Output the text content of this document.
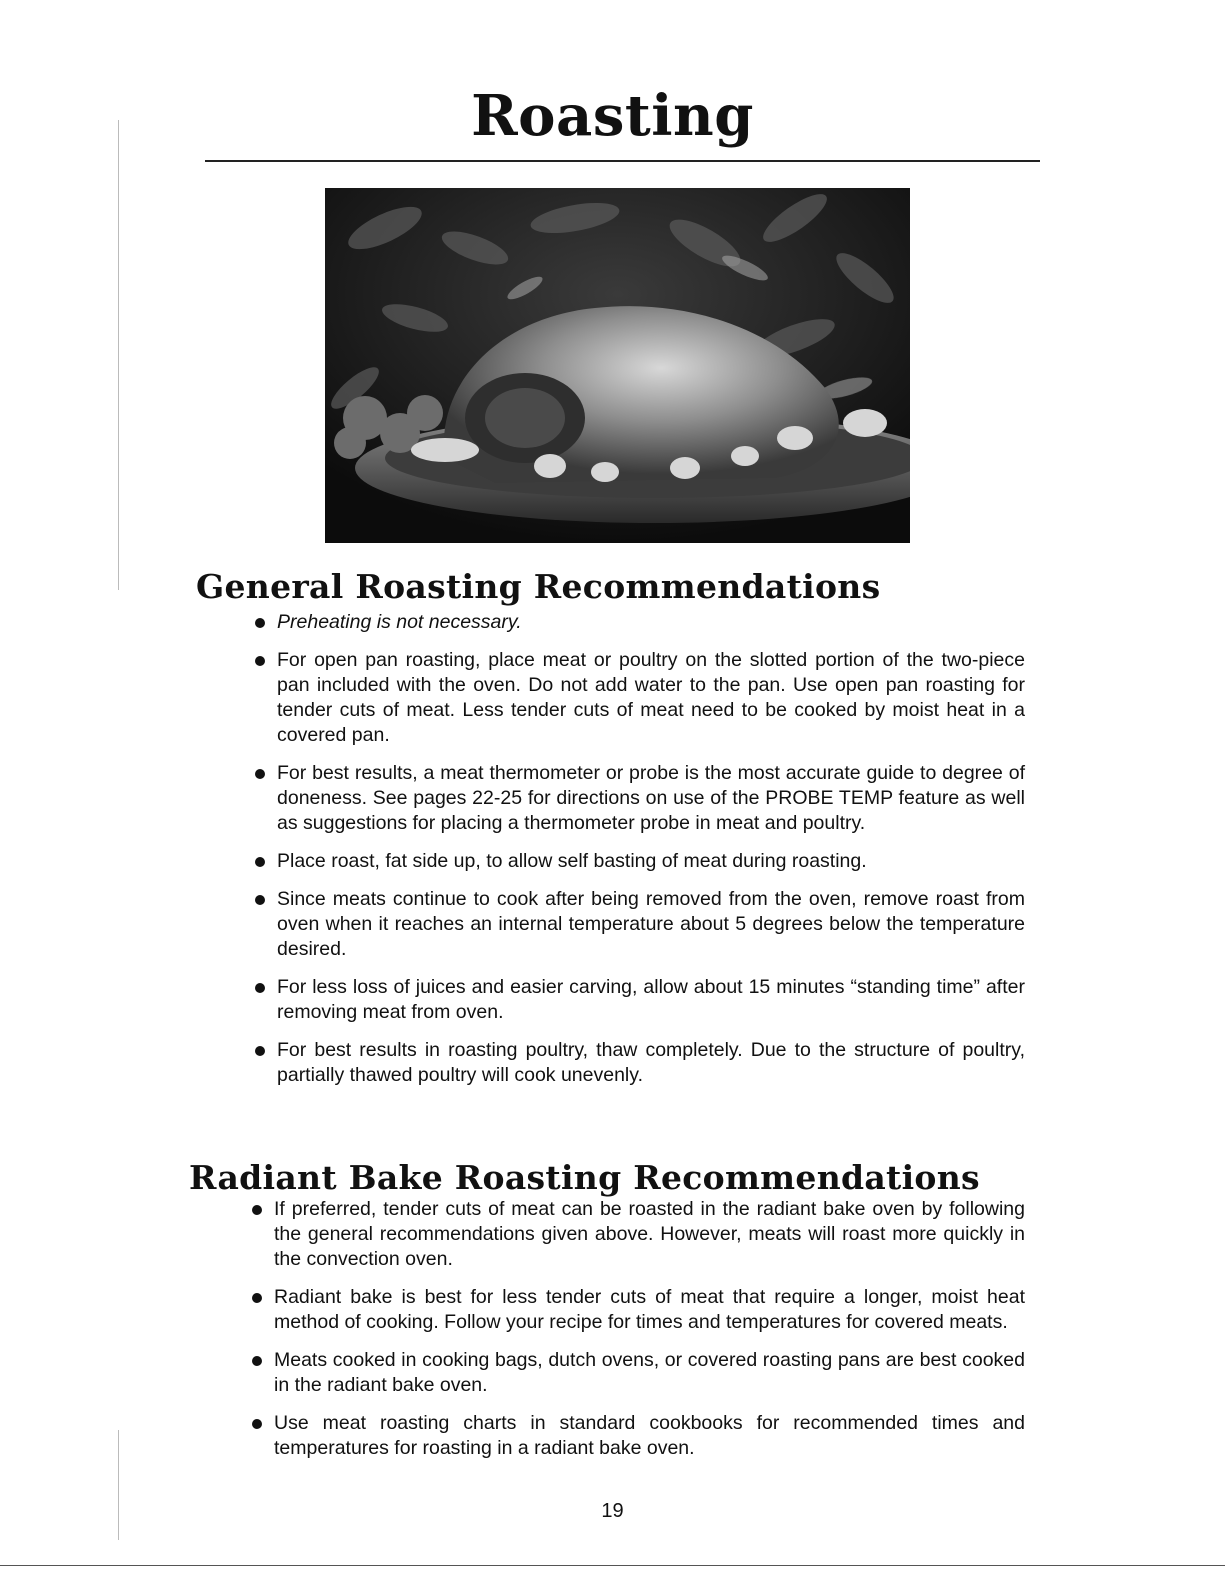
Roasting
General Roasting Recommendations
Preheating is not necessary.
For open pan roasting, place meat or poultry on the slotted portion of the two-piece pan included with the oven. Do not add water to the pan. Use open pan roasting for tender cuts of meat. Less tender cuts of meat need to be cooked by moist heat in a covered pan.
For best results, a meat thermometer or probe is the most accurate guide to degree of doneness. See pages 22-25 for directions on use of the PROBE TEMP feature as well as suggestions for placing a thermometer probe in meat and poultry.
Place roast, fat side up, to allow self basting of meat during roasting.
Since meats continue to cook after being removed from the oven, remove roast from oven when it reaches an internal temperature about 5 degrees below the temperature desired.
For less loss of juices and easier carving, allow about 15 minutes “standing time” after removing meat from oven.
For best results in roasting poultry, thaw completely. Due to the structure of poultry, partially thawed poultry will cook unevenly.
Radiant Bake Roasting Recommendations
If preferred, tender cuts of meat can be roasted in the radiant bake oven by following the general recommendations given above. However, meats will roast more quickly in the convection oven.
Radiant bake is best for less tender cuts of meat that require a longer, moist heat method of cooking. Follow your recipe for times and temperatures for covered meats.
Meats cooked in cooking bags, dutch ovens, or covered roasting pans are best cooked in the radiant bake oven.
Use meat roasting charts in standard cookbooks for recommended times and temperatures for roasting in a radiant bake oven.
19
